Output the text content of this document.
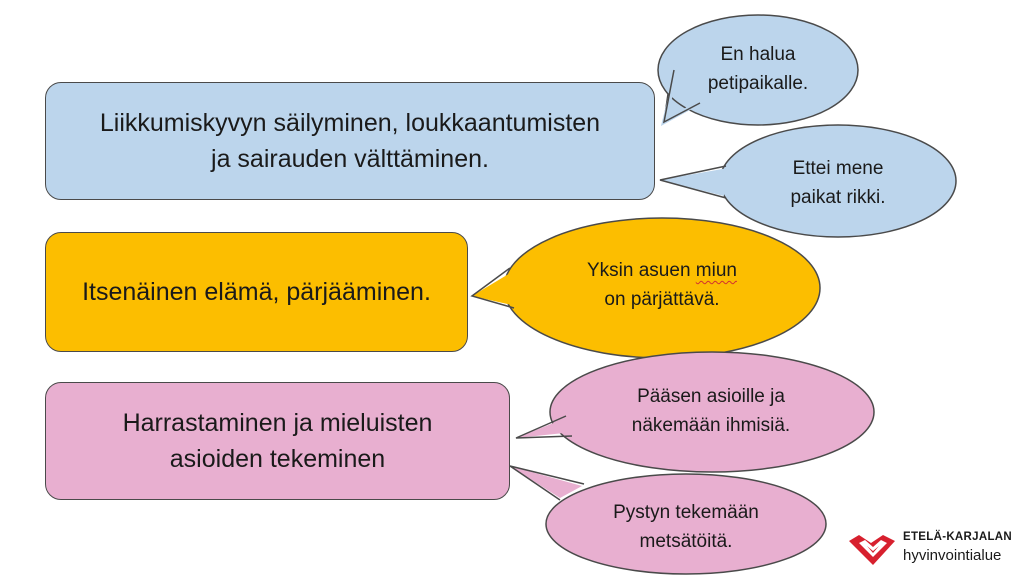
Liikkumiskyvyn säilyminen, loukkaantumisten
ja sairauden välttäminen.
Itsenäinen elämä, pärjääminen.
Harrastaminen ja mieluisten
asioiden tekeminen
En halua
petipaikalle.
Ettei mene
paikat rikki.
Yksin asuen miun
on pärjättävä.
Pääsen asioille ja
näkemään ihmisiä.
Pystyn tekemään
metsätöitä.	ETELÄ-KARJALAN
hyvinvointialue
